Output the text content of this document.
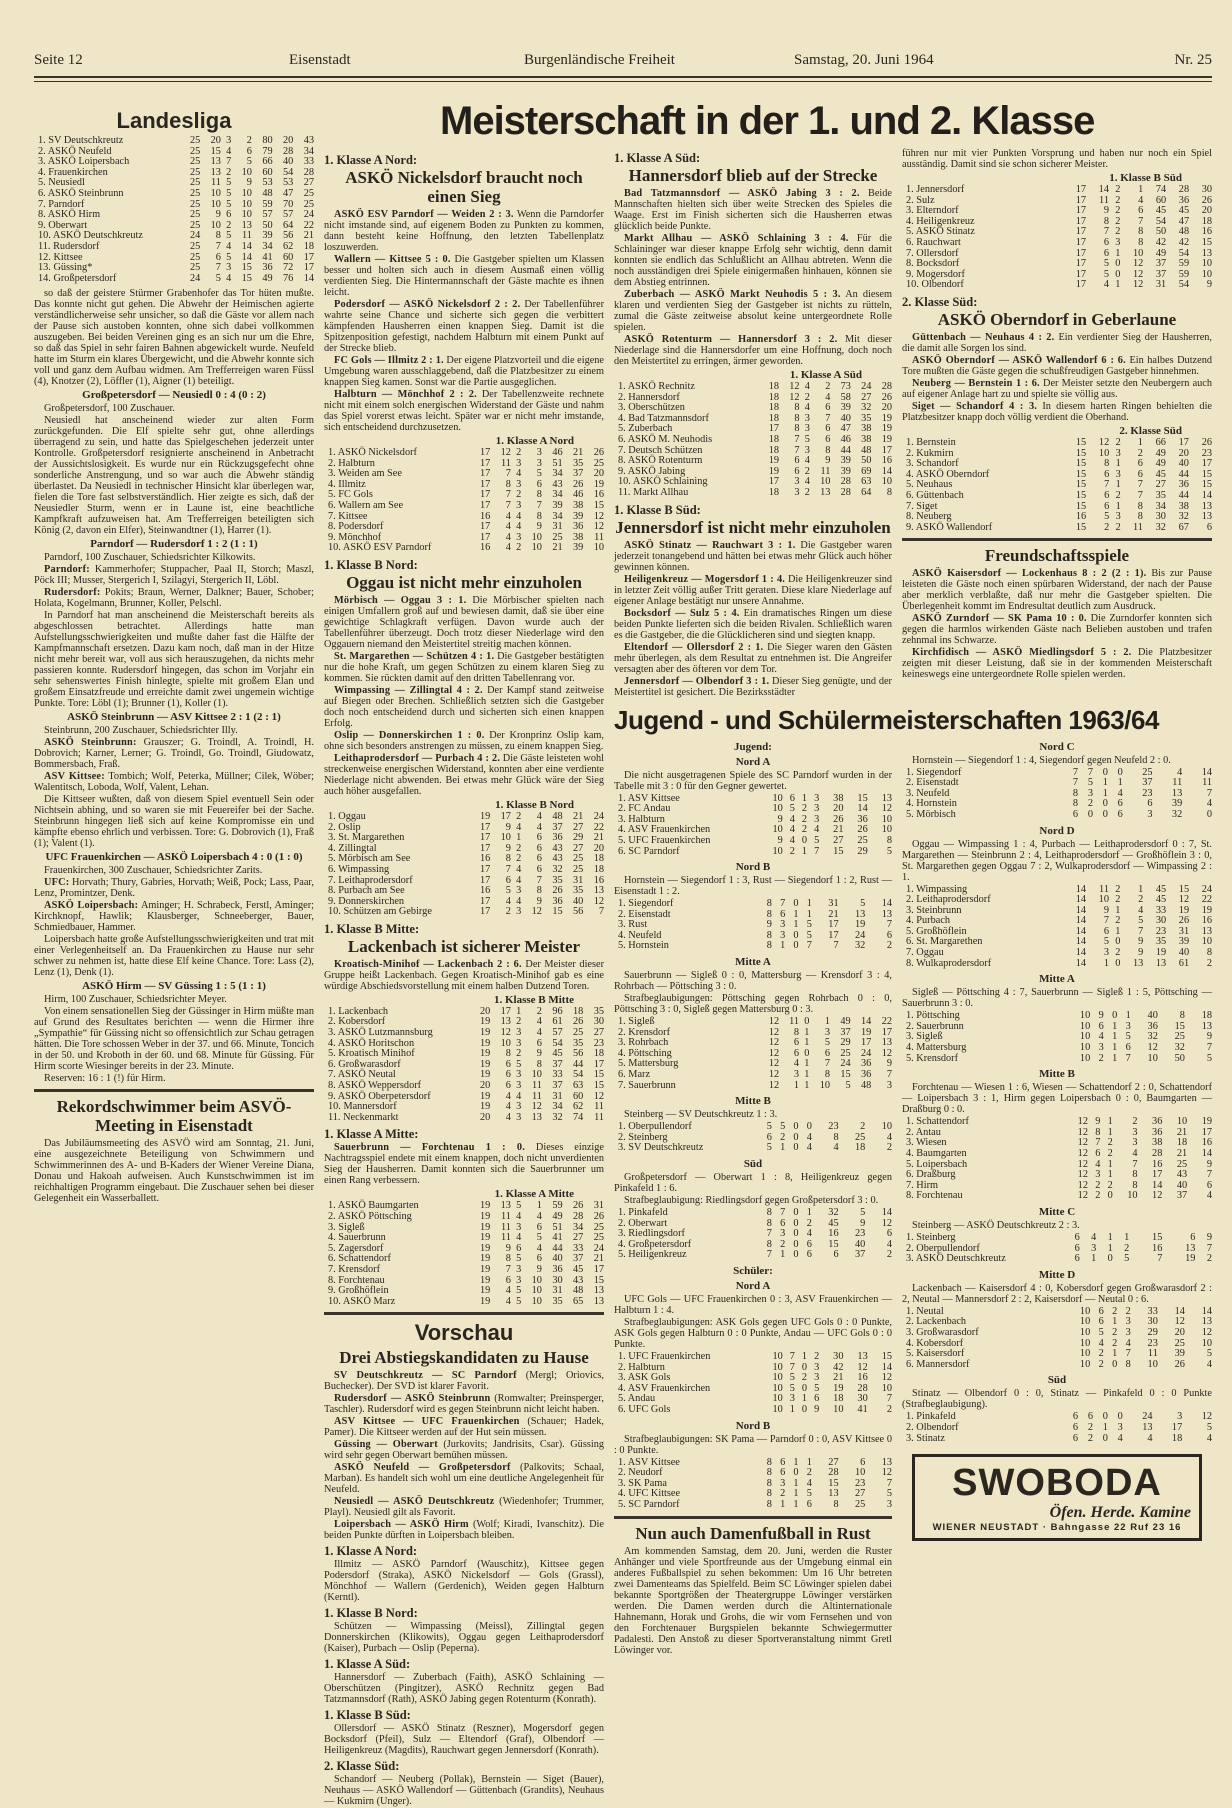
Seite 12	Eisenstadt	Burgenländische Freiheit	Samstag, 20. Juni 1964	Nr. 25
Meisterschaft in der 1. und 2. Klasse
Landesliga
1. SV Deutschkreutz	25	20	3	2	80	20	43
2. ASKÖ Neufeld	25	15	4	6	79	28	34
3. ASKÖ Loipersbach	25	13	7	5	66	40	33
4. Frauenkirchen	25	13	2	10	60	54	28
5. Neusiedl	25	11	5	9	53	53	27
6. ASKÖ Steinbrunn	25	10	5	10	48	47	25
7. Parndorf	25	10	5	10	59	70	25
8. ASKÖ Hirm	25	9	6	10	57	57	24
9. Oberwart	25	10	2	13	50	64	22
10. ASKÖ Deutschkreutz	24	8	5	11	39	56	21
11. Rudersdorf	25	7	4	14	34	62	18
12. Kittsee	25	6	5	14	41	60	17
13. Güssing*	25	7	3	15	36	72	17
14. Großpetersdorf	24	5	4	15	49	76	14

so daß der geistere Stürmer Grabenhofer das Tor hüten mußte. Das konnte nicht gut gehen. Die Abwehr der Heimischen agierte verständlicherweise sehr unsicher, so daß die Gäste vor allem nach der Pause sich austoben konnten, ohne sich dabei vollkommen auszugeben. Bei beiden Vereinen ging es an sich nur um die Ehre, so daß das Spiel in sehr fairen Bahnen abgewickelt wurde. Neufeld hatte im Sturm ein klares Übergewicht, und die Abwehr konnte sich voll und ganz dem Aufbau widmen. Am Trefferreigen waren Füssl (4), Knotzer (2), Löffler (1), Aigner (1) beteiligt.

Großpetersdorf — Neusiedl 0 : 4 (0 : 2)

Großpetersdorf, 100 Zuschauer.

Neusiedl hat anscheinend wieder zur alten Form zurückgefunden. Die Elf spielte sehr gut, ohne allerdings überragend zu sein, und hatte das Spielgeschehen jederzeit unter Kontrolle. Großpetersdorf resignierte anscheinend in Anbetracht der Aussichtslosigkeit. Es wurde nur ein Rückzugsgefecht ohne sonderliche Anstrengung, und so war auch die Abwehr ständig überlastet. Da Neusiedl in technischer Hinsicht klar überlegen war, fielen die Tore fast selbstverständlich. Hier zeigte es sich, daß der Neusiedler Sturm, wenn er in Laune ist, eine beachtliche Kampfkraft aufzuweisen hat. Am Trefferreigen beteiligten sich König (2, davon ein Elfer), Steinwandtner (1), Harrer (1).

Parndorf — Rudersdorf 1 : 2 (1 : 1)

Parndorf, 100 Zuschauer, Schiedsrichter Kilkowits.

Parndorf: Kammerhofer; Stuppacher, Paal II, Storch; Maszl, Pöck III; Musser, Stergerich I, Szilagyi, Stergerich II, Löbl.

Rudersdorf: Pokits; Braun, Werner, Dalkner; Bauer, Schober; Holata, Kogelmann, Brunner, Koller, Pelschl.

In Parndorf hat man anscheinend die Meisterschaft bereits als abgeschlossen betrachtet. Allerdings hatte man Aufstellungsschwierigkeiten und mußte daher fast die Hälfte der Kampfmannschaft ersetzen. Dazu kam noch, daß man in der Hitze nicht mehr bereit war, voll aus sich herauszugehen, da nichts mehr passieren konnte. Rudersdorf hingegen, das schon im Vorjahr ein sehr sehenswertes Finish hinlegte, spielte mit großem Elan und großem Einsatzfreude und erreichte damit zwei ungemein wichtige Punkte. Tore: Löbl (1); Brunner (1), Koller (1).

ASKÖ Steinbrunn — ASV Kittsee 2 : 1 (2 : 1)

Steinbrunn, 200 Zuschauer, Schiedsrichter Illy.

ASKÖ Steinbrunn: Grauszer; G. Troindl, A. Troindl, H. Dobrovich; Karner, Lerner; G. Troindl, Go. Troindl, Giudowatz, Bommersbach, Fraß.

ASV Kittsee: Tombich; Wolf, Peterka, Müllner; Cilek, Wöber; Walentitsch, Loboda, Wolf, Valent, Lehan.

Die Kittseer wußten, daß von diesem Spiel eventuell Sein oder Nichtsein abhing, und so waren sie mit Feuereifer bei der Sache. Steinbrunn hingegen ließ sich auf keine Kompromisse ein und kämpfte ebenso ehrlich und verbissen. Tore: G. Dobrovich (1), Fraß (1); Valent (1).

UFC Frauenkirchen — ASKÖ Loipersbach 4 : 0 (1 : 0)

Frauenkirchen, 300 Zuschauer, Schiedsrichter Zarits.

UFC: Horvath; Thury, Gabries, Horvath; Weiß, Pock; Lass, Paar, Lenz, Promintzer, Denk.

ASKÖ Loipersbach: Aminger; H. Schrabeck, Ferstl, Aminger; Kirchknopf, Hawlik; Klausberger, Schneeberger, Bauer, Schmiedbauer, Hammer.

Loipersbach hatte große Aufstellungsschwierigkeiten und trat mit einer Verlegenheitself an. Da Frauenkirchen zu Hause nur sehr schwer zu nehmen ist, hatte diese Elf keine Chance. Tore: Lass (2), Lenz (1), Denk (1).

ASKÖ Hirm — SV Güssing 1 : 5 (1 : 1)

Hirm, 100 Zuschauer, Schiedsrichter Meyer.

Von einem sensationellen Sieg der Güssinger in Hirm müßte man auf Grund des Resultates berichten — wenn die Hirmer ihre „Sympathie“ für Güssing nicht so offensichtlich zur Schau getragen hätten. Die Tore schossen Weber in der 37. und 66. Minute, Toncich in der 50. und Kroboth in der 60. und 68. Minute für Güssing. Für Hirm scorte Wiesinger bereits in der 23. Minute.

Reserven: 16 : 1 (!) für Hirm.

Rekordschwimmer beim ASVÖ-Meeting in Eisenstadt

Das Jubiläumsmeeting des ASVÖ wird am Sonntag, 21. Juni, eine ausgezeichnete Beteiligung von Schwimmern und Schwimmerinnen des A- und B-Kaders der Wiener Vereine Diana, Donau und Hakoah aufweisen. Auch Kunstschwimmen ist im reichhaltigen Programm eingebaut. Die Zuschauer sehen bei dieser Gelegenheit ein Wasserballett.

1. Klasse A Nord:
ASKÖ Nickelsdorf braucht noch einen Sieg

ASKÖ ESV Parndorf — Weiden 2 : 3. Wenn die Parndorfer nicht imstande sind, auf eigenem Boden zu Punkten zu kommen, dann besteht keine Hoffnung, den letzten Tabellenplatz loszuwerden.

Wallern — Kittsee 5 : 0. Die Gastgeber spielten um Klassen besser und holten sich auch in diesem Ausmaß einen völlig verdienten Sieg. Die Hintermannschaft der Gäste machte es ihnen leicht.

Podersdorf — ASKÖ Nickelsdorf 2 : 2. Der Tabellenführer wahrte seine Chance und sicherte sich gegen die verbittert kämpfenden Hausherren einen knappen Sieg. Damit ist die Spitzenposition gefestigt, nachdem Halbturn mit einem Punkt auf der Strecke blieb.

FC Gols — Illmitz 2 : 1. Der eigene Platzvorteil und die eigene Umgebung waren ausschlaggebend, daß die Platzbesitzer zu einem knappen Sieg kamen. Sonst war die Partie ausgeglichen.

Halbturn — Mönchhof 2 : 2. Der Tabellenzweite rechnete nicht mit einem solch energischen Widerstand der Gäste und nahm das Spiel vorerst etwas leicht. Später war er nicht mehr imstande, sich entscheidend durchzusetzen.

1. Klasse A Nord
1. ASKÖ Nickelsdorf	17	12	2	3	46	21	26
2. Halbturn	17	11	3	3	51	35	25
3. Weiden am See	17	7	4	5	34	37	20
4. Illmitz	17	8	3	6	43	26	19
5. FC Gols	17	7	2	8	34	46	16
6. Wallern am See	17	7	3	7	39	38	15
7. Kittsee	16	4	4	8	34	39	12
8. Podersdorf	17	4	4	9	31	36	12
9. Mönchhof	17	4	3	10	25	38	11
10. ASKÖ ESV Parndorf	16	4	2	10	21	39	10
1. Klasse B Nord:
Oggau ist nicht mehr einzuholen

Mörbisch — Oggau 3 : 1. Die Mörbischer spielten nach einigen Umfallern groß auf und bewiesen damit, daß sie über eine gewichtige Schlagkraft verfügen. Davon wurde auch der Tabellenführer überzeugt. Doch trotz dieser Niederlage wird den Oggauern niemand den Meistertitel streitig machen können.

St. Margarethen — Schützen 4 : 1. Die Gastgeber bestätigten nur die hohe Kraft, um gegen Schützen zu einem klaren Sieg zu kommen. Sie rückten damit auf den dritten Tabellenrang vor.

Wimpassing — Zillingtal 4 : 2. Der Kampf stand zeitweise auf Biegen oder Brechen. Schließlich setzten sich die Gastgeber doch noch entscheidend durch und sicherten sich einen knappen Erfolg.

Oslip — Donnerskirchen 1 : 0. Der Kronprinz Oslip kam, ohne sich besonders anstrengen zu müssen, zu einem knappen Sieg.

Leithaprodersdorf — Purbach 4 : 2. Die Gäste leisteten wohl streckenweise energischen Widerstand, konnten aber eine verdiente Niederlage nicht abwenden. Bei etwas mehr Glück wäre der Sieg auch höher ausgefallen.

1. Klasse B Nord
1. Oggau	19	17	2	4	48	21	24
2. Oslip	17	9	4	4	37	27	22
3. St. Margarethen	17	10	1	6	36	29	21
4. Zillingtal	17	9	2	6	43	27	20
5. Mörbisch am See	16	8	2	6	43	25	18
6. Wimpassing	17	7	4	6	32	25	18
7. Leithaprodersdorf	17	6	4	7	35	31	16
8. Purbach am See	16	5	3	8	26	35	13
9. Donnerskirchen	17	4	4	9	36	40	12
10. Schützen am Gebirge	17	2	3	12	15	56	7
1. Klasse B Mitte:
Lackenbach ist sicherer Meister

Kroatisch-Minihof — Lackenbach 2 : 6. Der Meister dieser Gruppe heißt Lackenbach. Gegen Kroatisch-Minihof gab es eine würdige Abschiedsvorstellung mit einem halben Dutzend Toren.

1. Klasse B Mitte
1. Lackenbach	20	17	1	2	96	18	35
2. Kobersdorf	19	13	2	4	61	26	30
3. ASKÖ Lutzmannsburg	19	12	3	4	57	25	27
4. ASKÖ Horitschon	19	10	3	6	54	35	23
5. Kroatisch Minihof	19	8	2	9	45	56	18
6. Großwarasdorf	19	6	5	8	37	44	17
7. ASKÖ Neutal	19	6	3	10	33	54	15
8. ASKÖ Weppersdorf	20	6	3	11	37	63	15
9. ASKÖ Oberpetersdorf	19	4	4	11	31	60	12
10. Mannersdorf	19	4	3	12	34	62	11
11. Neckenmarkt	20	4	3	13	32	74	11
1. Klasse A Mitte:

Sauerbrunn — Forchtenau 1 : 0. Dieses einzige Nachtragsspiel endete mit einem knappen, doch nicht unverdienten Sieg der Hausherren. Damit konnten sich die Sauerbrunner um einen Rang verbessern.

1. Klasse A Mitte
1. ASKÖ Baumgarten	19	13	5	1	59	26	31
2. ASKÖ Pöttsching	19	11	4	4	49	28	26
3. Sigleß	19	11	3	6	51	34	25
4. Sauerbrunn	19	11	4	5	41	27	25
5. Zagersdorf	19	9	6	4	44	33	24
6. Schattendorf	19	8	5	6	40	37	21
7. Krensdorf	19	7	3	9	36	45	17
8. Forchtenau	19	6	3	10	30	43	15
9. Großhöflein	19	4	5	10	31	48	13
10. ASKÖ Marz	19	4	5	10	35	65	13
Vorschau
Drei Abstiegskandidaten zu Hause

SV Deutschkreutz — SC Parndorf (Mergl; Oriovics, Buchecker). Der SVD ist klarer Favorit.

Rudersdorf — ASKÖ Steinbrunn (Romwalter; Preinsperger, Taschler). Rudersdorf wird es gegen Steinbrunn nicht leicht haben.

ASV Kittsee — UFC Frauenkirchen (Schauer; Hadek, Pamer). Die Kittseer werden auf der Hut sein müssen.

Güssing — Oberwart (Jurkovits; Jandrisits, Csar). Güssing wird sehr gegen Oberwart bemühen müssen.

ASKÖ Neufeld — Großpetersdorf (Palkovits; Schaal, Marban). Es handelt sich wohl um eine deutliche Angelegenheit für Neufeld.

Neusiedl — ASKÖ Deutschkreutz (Wiedenhofer; Trummer, Playl). Neusiedl gilt als Favorit.

Loipersbach — ASKÖ Hirm (Wolf; Kiradi, Ivanschitz). Die beiden Punkte dürften in Loipersbach bleiben.

1. Klasse A Nord:

Illmitz — ASKÖ Parndorf (Wauschitz), Kittsee gegen Podersdorf (Straka), ASKÖ Nickelsdorf — Gols (Grassl), Mönchhof — Wallern (Gerdenich), Weiden gegen Halbturn (Kerntl).

1. Klasse B Nord:

Schützen — Wimpassing (Meissl), Zillingtal gegen Donnerskirchen (Klikowits), Oggau gegen Leithaprodersdorf (Kaiser), Purbach — Oslip (Peperna).

1. Klasse A Süd:

Hannersdorf — Zuberbach (Faith), ASKÖ Schlaining — Oberschützen (Pingitzer), ASKÖ Rechnitz gegen Bad Tatzmannsdorf (Rath), ASKÖ Jabing gegen Rotenturm (Konrath).

1. Klasse B Süd:

Ollersdorf — ASKÖ Stinatz (Reszner), Mogersdorf gegen Bocksdorf (Pfeil), Sulz — Eltendorf (Graf), Olbendorf — Heiligenkreuz (Magdits), Rauchwart gegen Jennersdorf (Konrath).

2. Klasse Süd:

Schandorf — Neuberg (Pollak), Bernstein — Siget (Bauer), Neuhaus — ASKÖ Wallendorf — Güttenbach (Grandits), Neuhaus — Kukmirn (Unger).

1. Klasse A Süd:
Hannersdorf blieb auf der Strecke

Bad Tatzmannsdorf — ASKÖ Jabing 3 : 2. Beide Mannschaften hielten sich über weite Strecken des Spieles die Waage. Erst im Finish sicherten sich die Hausherren etwas glücklich beide Punkte.

Markt Allhau — ASKÖ Schlaining 3 : 4. Für die Schlaininger war dieser knappe Erfolg sehr wichtig, denn damit konnten sie endlich das Schlußlicht an Allhau abtreten. Wenn die noch ausständigen drei Spiele einigermaßen hinhauen, können sie dem Abstieg entrinnen.

Zuberbach — ASKÖ Markt Neuhodis 5 : 3. An diesem klaren und verdienten Sieg der Gastgeber ist nichts zu rütteln, zumal die Gäste zeitweise absolut keine untergeordnete Rolle spielen.

ASKÖ Rotenturm — Hannersdorf 3 : 2. Mit dieser Niederlage sind die Hannersdorfer um eine Hoffnung, doch noch den Meistertitel zu erringen, ärmer geworden.

1. Klasse A Süd
1. ASKÖ Rechnitz	18	12	4	2	73	24	28
2. Hannersdorf	18	12	2	4	58	27	26
3. Oberschützen	18	8	4	6	39	32	20
4. Bad Tatzmannsdorf	18	8	3	7	40	35	19
5. Zuberbach	17	8	3	6	47	38	19
6. ASKÖ M. Neuhodis	18	7	5	6	46	38	19
7. Deutsch Schützen	18	7	3	8	44	48	17
8. ASKÖ Rotenturm	19	6	4	9	39	50	16
9. ASKÖ Jabing	19	6	2	11	39	69	14
10. ASKÖ Schlaining	17	3	4	10	28	63	10
11. Markt Allhau	18	3	2	13	28	64	8
1. Klasse B Süd:
Jennersdorf ist nicht mehr einzuholen

ASKÖ Stinatz — Rauchwart 3 : 1. Die Gastgeber waren jederzeit tonangebend und hätten bei etwas mehr Glück auch höher gewinnen können.

Heiligenkreuz — Mogersdorf 1 : 4. Die Heiligenkreuzer sind in letzter Zeit völlig außer Tritt geraten. Diese klare Niederlage auf eigener Anlage bestätigt nur unsere Annahme.

Bocksdorf — Sulz 5 : 4. Ein dramatisches Ringen um diese beiden Punkte lieferten sich die beiden Rivalen. Schließlich waren es die Gastgeber, die die Glücklicheren sind und siegten knapp.

Eltendorf — Ollersdorf 2 : 1. Die Sieger waren den Gästen mehr überlegen, als dem Resultat zu entnehmen ist. Die Angreifer versagten aber des öfteren vor dem Tor.

Jennersdorf — Olbendorf 3 : 1. Dieser Sieg genügte, und der Meistertitel ist gesichert. Die Bezirksstädter

führen nur mit vier Punkten Vorsprung und haben nur noch ein Spiel ausständig. Damit sind sie schon sicherer Meister.

1. Klasse B Süd
1. Jennersdorf	17	14	2	1	74	28	30
2. Sulz	17	11	2	4	60	36	26
3. Elterndorf	17	9	2	6	45	45	20
4. Heiligenkreuz	17	8	2	7	54	47	18
5. ASKÖ Stinatz	17	7	2	8	50	48	16
6. Rauchwart	17	6	3	8	42	42	15
7. Ollersdorf	17	6	1	10	49	54	13
8. Bocksdorf	17	5	0	12	37	59	10
9. Mogersdorf	17	5	0	12	37	59	10
10. Olbendorf	17	4	1	12	31	54	9
2. Klasse Süd:
ASKÖ Oberndorf in Geberlaune

Güttenbach — Neuhaus 4 : 2. Ein verdienter Sieg der Hausherren, die damit alle Sorgen los sind.

ASKÖ Oberndorf — ASKÖ Wallendorf 6 : 6. Ein halbes Dutzend Tore mußten die Gäste gegen die schußfreudigen Gastgeber hinnehmen.

Neuberg — Bernstein 1 : 6. Der Meister setzte den Neubergern auch auf eigener Anlage hart zu und spielte sie völlig aus.

Siget — Schandorf 4 : 3. In diesem harten Ringen behielten die Platzbesitzer knapp doch völlig verdient die Oberhand.

2. Klasse Süd
1. Bernstein	15	12	2	1	66	17	26
2. Kukmirn	15	10	3	2	49	20	23
3. Schandorf	15	8	1	6	49	40	17
4. ASKÖ Oberndorf	15	6	3	6	45	44	15
5. Neuhaus	15	7	1	7	27	36	15
6. Güttenbach	15	6	2	7	35	44	14
7. Siget	15	6	1	8	34	38	13
8. Neuberg	16	5	3	8	30	32	13
9. ASKÖ Wallendorf	15	2	2	11	32	67	6
Freundschaftsspiele

ASKÖ Kaisersdorf — Lockenhaus 8 : 2 (2 : 1). Bis zur Pause leisteten die Gäste noch einen spürbaren Widerstand, der nach der Pause aber merklich verblaßte, daß nur mehr die Gastgeber spielten. Die Überlegenheit kommt im Endresultat deutlich zum Ausdruck.

ASKÖ Zurndorf — SK Pama 10 : 0. Die Zurndorfer konnten sich gegen die harmlos wirkenden Gäste nach Belieben austoben und trafen zehnmal ins Schwarze.

Kirchfidisch — ASKÖ Miedlingsdorf 5 : 2. Die Platzbesitzer zeigten mit dieser Leistung, daß sie in der kommenden Meisterschaft keineswegs eine untergeordnete Rolle spielen werden.

Jugend - und Schülermeisterschaften 1963/64
Jugend:
Nord A

Die nicht ausgetragenen Spiele des SC Parndorf wurden in der Tabelle mit 3 : 0 für den Gegner gewertet.

1. ASV Kittsee	10	6	1	3	38	15	13
2. FC Andau	10	5	2	3	20	14	12
3. Halbturn	9	4	2	3	26	36	10
4. ASV Frauenkirchen	10	4	2	4	21	26	10
5. UFC Frauenkirchen	9	4	0	5	27	25	8
6. SC Parndorf	10	2	1	7	15	29	5
Nord B

Hornstein — Siegendorf 1 : 3, Rust — Siegendorf 1 : 2, Rust — Eisenstadt 1 : 2.

1. Siegendorf	8	7	0	1	31	5	14
2. Eisenstadt	8	6	1	1	21	13	13
3. Rust	9	3	1	5	17	19	7
4. Neufeld	8	3	0	5	17	24	6
5. Hornstein	8	1	0	7	7	32	2
Mitte A

Sauerbrunn — Sigleß 0 : 0, Mattersburg — Krensdorf 3 : 4, Rohrbach — Pöttsching 3 : 0.

Strafbeglaubigungen: Pöttsching gegen Rohrbach 0 : 0, Pöttsching 3 : 0, Sigleß gegen Mattersburg 0 : 3.

1. Sigleß	12	11	0	1	49	14	22
2. Krensdorf	12	8	1	3	37	19	17
3. Rohrbach	12	6	1	5	29	17	13
4. Pöttsching	12	6	0	6	25	24	12
5. Mattersburg	12	4	1	7	24	36	9
6. Marz	12	3	1	8	15	36	7
7. Sauerbrunn	12	1	1	10	5	48	3
Mitte B

Steinberg — SV Deutschkreutz 1 : 3.

1. Oberpullendorf	5	5	0	0	23	2	10
2. Steinberg	6	2	0	4	8	25	4
3. SV Deutschkreutz	5	1	0	4	4	18	2
Süd

Großpetersdorf — Oberwart 1 : 8, Heiligenkreuz gegen Pinkafeld 1 : 6.

Strafbeglaubigung: Riedlingsdorf gegen Großpetersdorf 3 : 0.

1. Pinkafeld	8	7	0	1	32	5	14
2. Oberwart	8	6	0	2	45	9	12
3. Riedlingsdorf	7	3	0	4	16	23	6
4. Großpetersdorf	8	2	0	6	15	40	4
5. Heiligenkreuz	7	1	0	6	6	37	2
Schüler:
Nord A

UFC Gols — UFC Frauenkirchen 0 : 3, ASV Frauenkirchen — Halbturn 1 : 4.

Strafbeglaubigungen: ASK Gols gegen UFC Gols 0 : 0 Punkte, ASK Gols gegen Halbturn 0 : 0 Punkte, Andau — UFC Gols 0 : 0 Punkte.

1. UFC Frauenkirchen	10	7	1	2	30	13	15
2. Halbturn	10	7	0	3	42	12	14
3. ASK Gols	10	5	2	3	21	16	12
4. ASV Frauenkirchen	10	5	0	5	19	28	10
5. Andau	10	3	1	6	18	30	7
6. UFC Gols	10	1	0	9	10	41	2
Nord B

Strafbeglaubigungen: SK Pama — Parndorf 0 : 0, ASV Kittsee 0 : 0 Punkte.

1. ASV Kittsee	8	6	1	1	27	6	13
2. Neudorf	8	6	0	2	28	10	12
3. SK Pama	8	3	1	4	15	23	7
4. UFC Kittsee	8	2	1	5	13	27	5
5. SC Parndorf	8	1	1	6	8	25	3
Nun auch Damenfußball in Rust

Am kommenden Samstag, dem 20. Juni, werden die Ruster Anhänger und viele Sportfreunde aus der Umgebung einmal ein anderes Fußballspiel zu sehen bekommen: Um 16 Uhr betreten zwei Damenteams das Spielfeld. Beim SC Löwinger spielen dabei bekannte Sportgrößen der Theatergruppe Löwinger verstärken werden. Die Damen werden durch die Altinternationale Hahnemann, Horak und Grohs, die wir vom Fernsehen und von den Forchtenauer Burgspielen bekannte Schwiegermutter Padalesti. Den Anstoß zu dieser Sportveranstaltung nimmt Gretl Löwinger vor.

Nord C

Hornstein — Siegendorf 1 : 4, Siegendorf gegen Neufeld 2 : 0.

1. Siegendorf	7	7	0	0	25	4	14
2. Eisenstadt	7	5	1	1	37	11	11
3. Neufeld	8	3	1	4	23	13	7
4. Hornstein	8	2	0	6	6	39	4
5. Mörbisch	6	0	0	6	3	32	0
Nord D

Oggau — Wimpassing 1 : 4, Purbach — Leithaprodersdorf 0 : 7, St. Margarethen — Steinbrunn 2 : 4, Leithaprodersdorf — Großhöflein 3 : 0, St. Margarethen gegen Oggau 7 : 2, Wulkaprodersdorf — Wimpassing 2 : 1.

1. Wimpassing	14	11	2	1	45	15	24
2. Leithaprodersdorf	14	10	2	2	45	12	22
3. Steinbrunn	14	9	1	4	33	19	19
4. Purbach	14	7	2	5	30	26	16
5. Großhöflein	14	6	1	7	23	31	13
6. St. Margarethen	14	5	0	9	35	39	10
7. Oggau	14	3	2	9	19	40	8
8. Wulkaprodersdorf	14	1	0	13	13	61	2
Mitte A

Sigleß — Pöttsching 4 : 7, Sauerbrunn — Sigleß 1 : 5, Pöttsching — Sauerbrunn 3 : 0.

1. Pöttsching	10	9	0	1	40	8	18
2. Sauerbrunn	10	6	1	3	36	15	13
3. Sigleß	10	4	1	5	32	25	9
4. Mattersburg	10	3	1	6	12	32	7
5. Krensdorf	10	2	1	7	10	50	5
Mitte B

Forchtenau — Wiesen 1 : 6, Wiesen — Schattendorf 2 : 0, Schattendorf — Loipersbach 3 : 1, Hirm gegen Loipersbach 0 : 0, Baumgarten — Draßburg 0 : 0.

1. Schattendorf	12	9	1	2	36	10	19
2. Antau	12	8	1	3	36	21	17
3. Wiesen	12	7	2	3	38	18	16
4. Baumgarten	12	6	2	4	28	21	14
5. Loipersbach	12	4	1	7	16	25	9
6. Draßburg	12	3	1	8	17	43	7
7. Hirm	12	2	2	8	14	40	6
8. Forchtenau	12	2	0	10	12	37	4
Mitte C

Steinberg — ASKÖ Deutschkreutz 2 : 3.

1. Steinberg	6	4	1	1	15	6	9
2. Oberpullendorf	6	3	1	2	16	13	7
3. ASKÖ Deutschkreutz	6	1	0	5	7	19	2
Mitte D

Lackenbach — Kaisersdorf 4 : 0, Kobersdorf gegen Großwarasdorf 2 : 2, Neutal — Mannersdorf 2 : 2, Kaisersdorf — Neutal 0 : 6.

1. Neutal	10	6	2	2	33	14	14
2. Lackenbach	10	6	1	3	30	12	13
3. Großwarasdorf	10	5	2	3	29	20	12
4. Kobersdorf	10	4	2	4	23	25	10
5. Kaisersdorf	10	2	1	7	11	39	5
6. Mannersdorf	10	2	0	8	10	26	4
Süd

Stinatz — Olbendorf 0 : 0, Stinatz — Pinkafeld 0 : 0 Punkte (Strafbeglaubigung).

1. Pinkafeld	6	6	0	0	24	3	12
2. Olbendorf	6	2	1	3	13	17	5
3. Stinatz	6	2	0	4	4	18	4
SWOBODA
Öfen. Herde. Kamine
WIENER NEUSTADT · Bahngasse 22 Ruf 23 16
